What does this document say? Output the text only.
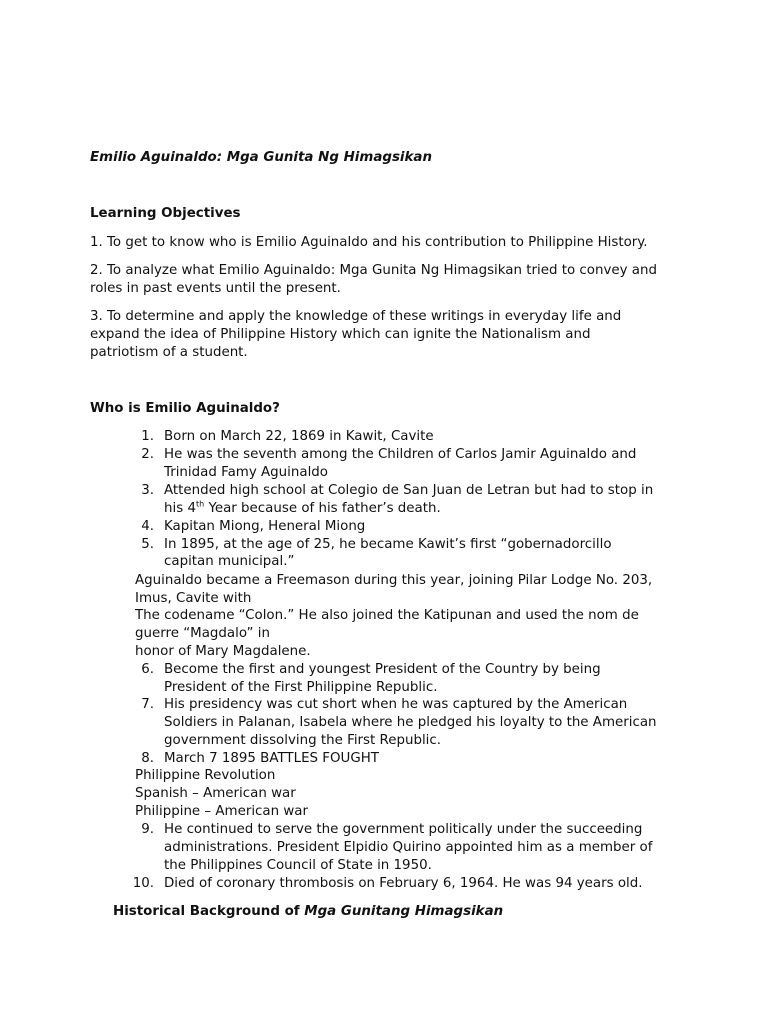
Emilio Aguinaldo: Mga Gunita Ng Himagsikan

Learning Objectives

1. To get to know who is Emilio Aguinaldo and his contribution to Philippine History.

2. To analyze what Emilio Aguinaldo: Mga Gunita Ng Himagsikan tried to convey and

roles in past events until the present.

3. To determine and apply the knowledge of these writings in everyday life and

expand the idea of Philippine History which can ignite the Nationalism and

patriotism of a student.

Who is Emilio Aguinaldo?

1. Born on March 22, 1869 in Kawit, Cavite

2. He was the seventh among the Children of Carlos Jamir Aguinaldo and

Trinidad Famy Aguinaldo

3. Attended high school at Colegio de San Juan de Letran but had to stop in

his 4th Year because of his father’s death.

4. Kapitan Miong, Heneral Miong

5. In 1895, at the age of 25, he became Kawit’s first “gobernadorcillo

capitan municipal.”

Aguinaldo became a Freemason during this year, joining Pilar Lodge No. 203,

Imus, Cavite with

The codename “Colon.” He also joined the Katipunan and used the nom de

guerre “Magdalo” in

honor of Mary Magdalene.

6. Become the first and youngest President of the Country by being

President of the First Philippine Republic.

7. His presidency was cut short when he was captured by the American

Soldiers in Palanan, Isabela where he pledged his loyalty to the American

government dissolving the First Republic.

8. March 7 1895 BATTLES FOUGHT

Philippine Revolution

Spanish – American war

Philippine – American war

9. He continued to serve the government politically under the succeeding

administrations. President Elpidio Quirino appointed him as a member of

the Philippines Council of State in 1950.

10. Died of coronary thrombosis on February 6, 1964. He was 94 years old.

Historical Background of Mga Gunitang Himagsikan
